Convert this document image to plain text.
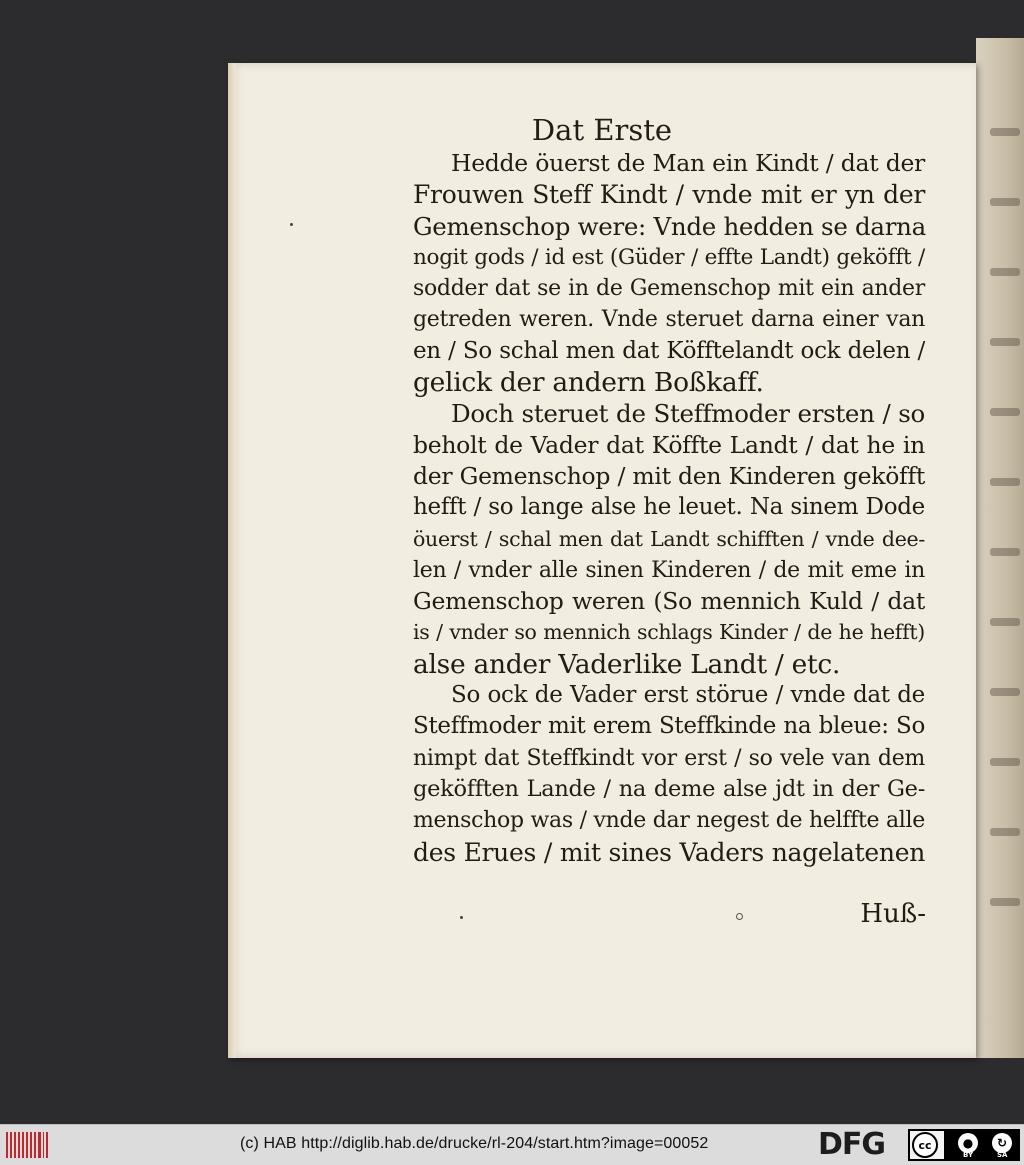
Dat Erste
Hedde öuerst de Man ein Kindt / dat der
Frouwen Steff Kindt / vnde mit er yn der
Gemenschop were: Vnde hedden se darna
nogit gods / id est (Güder / effte Landt) geköfft /
sodder dat se in de Gemenschop mit ein ander
getreden weren. Vnde steruet darna einer van
en / So schal men dat Köfftelandt ock delen /
gelick der andern Boßkaff.
Doch steruet de Steffmoder ersten / so
beholt de Vader dat Köffte Landt / dat he in
der Gemenschop / mit den Kinderen geköfft
hefft / so lange alse he leuet. Na sinem Dode
öuerst / schal men dat Landt schifften / vnde dee-
len / vnder alle sinen Kinderen / de mit eme in
Gemenschop weren (So mennich Kuld / dat
is / vnder so mennich schlags Kinder / de he hefft)
alse ander Vaderlike Landt / etc.
So ock de Vader erst störue / vnde dat de
Steffmoder mit erem Steffkinde na bleue: So
nimpt dat Steffkindt vor erst / so vele van dem
geköfften Lande / na deme alse jdt in der Ge-
menschop was / vnde dar negest de helffte alle
des Erues / mit sines Vaders nagelatenen
Huß-
(c) HAB http://diglib.hab.de/drucke/rl-204/start.htm?image=00052	DFG	cc	●	↻
BY	SA
